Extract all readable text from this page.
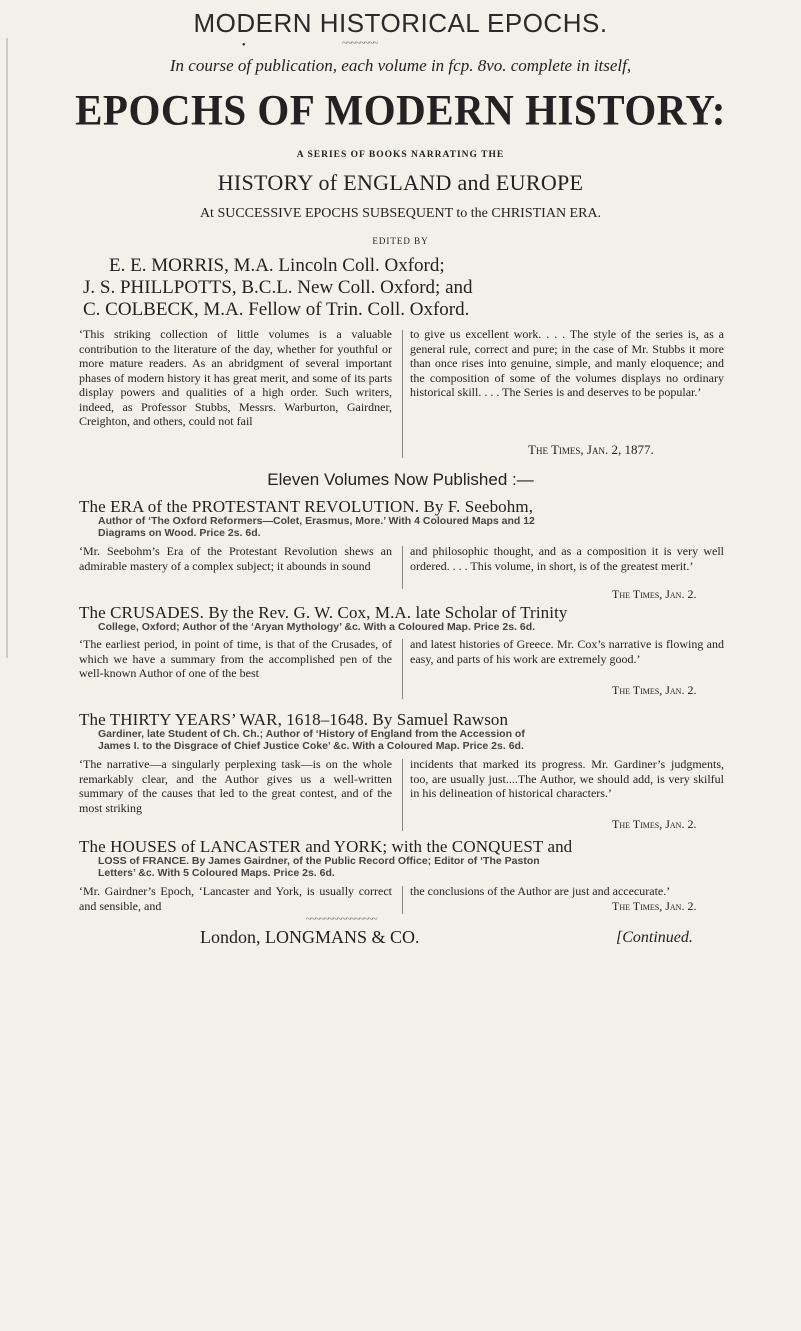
MODERN HISTORICAL EPOCHS.
•	~~~~~~~~
In course of publication, each volume in fcp. 8vo. complete in itself,
EPOCHS OF MODERN HISTORY:
A SERIES OF BOOKS NARRATING THE
HISTORY of ENGLAND and EUROPE
At SUCCESSIVE EPOCHS SUBSEQUENT to the CHRISTIAN ERA.
EDITED BY
E. E. MORRIS, M.A. Lincoln Coll. Oxford;
J. S. PHILLPOTTS, B.C.L. New Coll. Oxford; and
C. COLBECK, M.A. Fellow of Trin. Coll. Oxford.
‘This striking collection of little volumes is a valuable contribution to the literature of the day, whether for youthful or more mature readers. As an abridgment of several important phases of modern history it has great merit, and some of its parts display powers and qualities of a high order. Such writers, indeed, as Professor Stubbs, Messrs. Warburton, Gairdner, Creighton, and others, could not fail
to give us excellent work. . . . The style of the series is, as a general rule, correct and pure; in the case of Mr. Stubbs it more than once rises into genuine, simple, and manly eloquence; and the composition of some of the volumes displays no ordinary historical skill. . . . The Series is and deserves to be popular.’
The Times, Jan. 2, 1877.
Eleven Volumes Now Published :—
The ERA of the PROTESTANT REVOLUTION. By F. Seebohm,
Author of ‘The Oxford Reformers—Colet, Erasmus, More.’ With 4 Coloured Maps and 12
Diagrams on Wood. Price 2s. 6d.
‘Mr. Seebohm’s Era of the Protestant Revolution shews an admirable mastery of a complex subject; it abounds in sound
and philosophic thought, and as a composition it is very well ordered. . . . This volume, in short, is of the greatest merit.’
The Times, Jan. 2.
The CRUSADES. By the Rev. G. W. Cox, M.A. late Scholar of Trinity
College, Oxford; Author of the ‘Aryan Mythology’ &c. With a Coloured Map. Price 2s. 6d.
‘The earliest period, in point of time, is that of the Crusades, of which we have a summary from the accomplished pen of the well-known Author of one of the best
and latest histories of Greece. Mr. Cox’s narrative is flowing and easy, and parts of his work are extremely good.’
The Times, Jan. 2.
The THIRTY YEARS’ WAR, 1618–1648. By Samuel Rawson
Gardiner, late Student of Ch. Ch.; Author of ‘History of England from the Accession of
James I. to the Disgrace of Chief Justice Coke’ &c. With a Coloured Map. Price 2s. 6d.
‘The narrative—a singularly perplexing task—is on the whole remarkably clear, and the Author gives us a well-written summary of the causes that led to the great contest, and of the most striking
incidents that marked its progress. Mr. Gardiner’s judgments, too, are usually just....The Author, we should add, is very skilful in his delineation of historical characters.’
The Times, Jan. 2.
The HOUSES of LANCASTER and YORK; with the CONQUEST and
LOSS of FRANCE. By James Gairdner, of the Public Record Office; Editor of ‘The Paston
Letters’ &c. With 5 Coloured Maps. Price 2s. 6d.
‘Mr. Gairdner’s Epoch, ‘Lancaster and York, is usually correct and sensible, and
the conclusions of the Author are just and accecurate.’
The Times, Jan. 2.
~~~~~~~~~~~~~~~~
London, LONGMANS & CO.	[Continued.
